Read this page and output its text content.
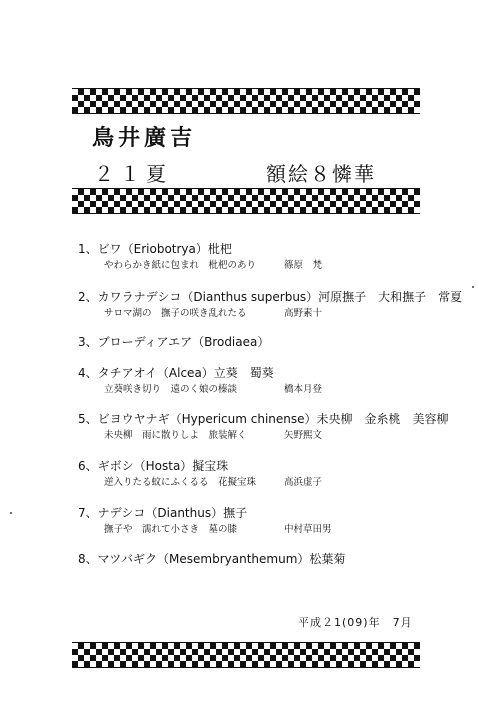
鳥井廣吉
２１夏	額絵８憐華
1、ビワ（Eriobotrya）枇杷
やわらかき紙に包まれ　枇杷のあり	篠原　梵
2、カワラナデシコ（Dianthus superbus）河原撫子　大和撫子　常夏
サロマ湖の　撫子の咲き乱れたる	高野素十
3、ブローディアエア（Brodiaea）
4、タチアオイ（Alcea）立葵　蜀葵
立葵咲き切り　遠のく娘の榛談	橋本月登
5、ビヨウヤナギ（Hypericum chinense）未央柳　金糸桃　美容柳
未央柳　雨に散りしよ　旅装解く	矢野熙文
6、ギボシ（Hosta）擬宝珠
逆入りたる蚊にふくるる　花擬宝珠	高浜虚子
7、ナデシコ（Dianthus）撫子
撫子や　濡れて小さき　墓の膝	中村草田男
8、マツバギク（Mesembryanthemum）松葉菊
平成２1(09)年　7月
